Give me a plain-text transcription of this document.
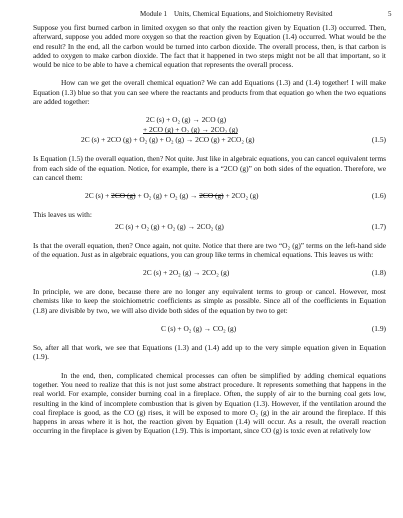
Module 1 Units, Chemical Equations, and Stoichiometry Revisited	5

Suppose you first burned carbon in limited oxygen so that only the reaction given by Equation (1.3) occurred. Then, afterward, suppose you added more oxygen so that the reaction given by Equation (1.4) occurred. What would be the end result? In the end, all the carbon would be turned into carbon dioxide. The overall process, then, is that carbon is added to oxygen to make carbon dioxide. The fact that it happened in two steps might not be all that important, so it would be nice to be able to have a chemical equation that represents the overall process.

How can we get the overall chemical equation? We can add Equations (1.3) and (1.4) together! I will make Equation (1.3) blue so that you can see where the reactants and products from that equation go when the two equations are added together:

2C (s) + O₂ (g) → 2CO (g)
+ 2CO (g) + O₂ (g) → 2CO₂ (g)
2C (s) + 2CO (g) + O₂ (g) + O₂ (g) → 2CO (g) + 2CO₂ (g)	(1.5)

Is Equation (1.5) the overall equation, then? Not quite. Just like in algebraic equations, you can cancel equivalent terms from each side of the equation. Notice, for example, there is a “2CO (g)” on both sides of the equation. Therefore, we can cancel them:

2C (s) + 2CO (g) + O₂ (g) + O₂ (g) → 2CO (g) + 2CO₂ (g)	(1.6)

This leaves us with:

2C (s) + O₂ (g) + O₂ (g) → 2CO₂ (g)	(1.7)

Is that the overall equation, then? Once again, not quite. Notice that there are two “O₂ (g)” terms on the left-hand side of the equation. Just as in algebraic equations, you can group like terms in chemical equations. This leaves us with:

2C (s) + 2O₂ (g) → 2CO₂ (g)	(1.8)

In principle, we are done, because there are no longer any equivalent terms to group or cancel. However, most chemists like to keep the stoichiometric coefficients as simple as possible. Since all of the coefficients in Equation (1.8) are divisible by two, we will also divide both sides of the equation by two to get:

C (s) + O₂ (g) → CO₂ (g)	(1.9)

So, after all that work, we see that Equations (1.3) and (1.4) add up to the very simple equation given in Equation (1.9).

In the end, then, complicated chemical processes can often be simplified by adding chemical equations together. You need to realize that this is not just some abstract procedure. It represents something that happens in the real world. For example, consider burning coal in a fireplace. Often, the supply of air to the burning coal gets low, resulting in the kind of incomplete combustion that is given by Equation (1.3). However, if the ventilation around the coal fireplace is good, as the CO (g) rises, it will be exposed to more O₂ (g) in the air around the fireplace. If this happens in areas where it is hot, the reaction given by Equation (1.4) will occur. As a result, the overall reaction occurring in the fireplace is given by Equation (1.9). This is important, since CO (g) is toxic even at relatively low
